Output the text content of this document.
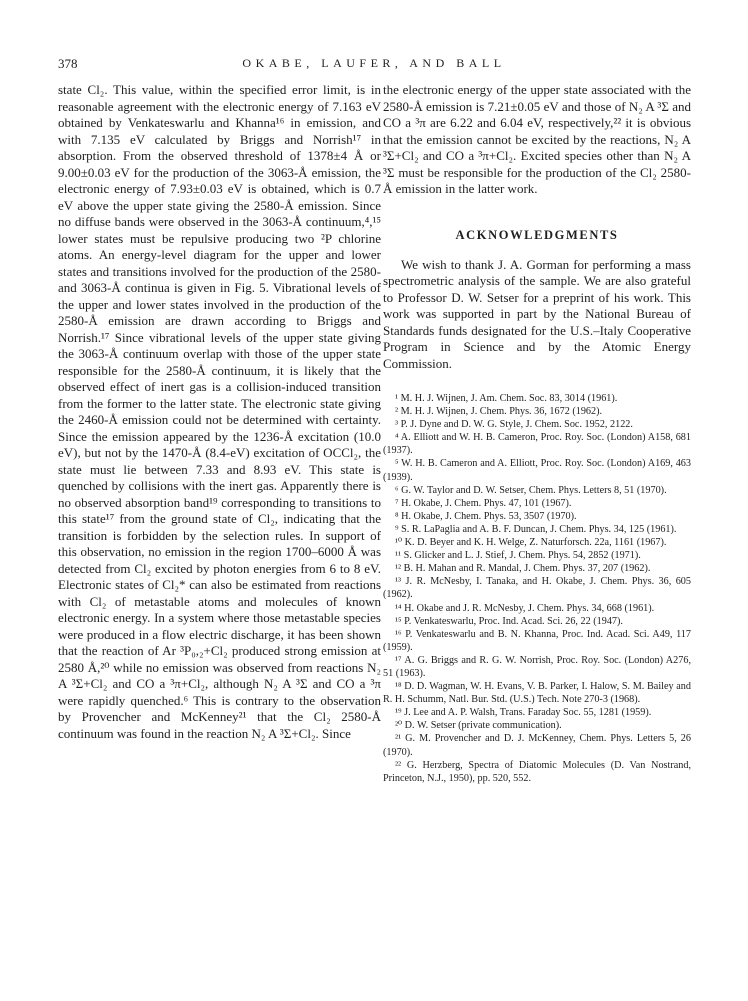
378	OKABE, LAUFER, AND BALL

state Cl₂. This value, within the specified error limit, is in reasonable agreement with the electronic energy of 7.163 eV obtained by Venkateswarlu and Khanna¹⁶ in emission, and with 7.135 eV calculated by Briggs and Norrish¹⁷ in absorption. From the observed threshold of 1378±4 Å or 9.00±0.03 eV for the production of the 3063-Å emission, the electronic energy of 7.93±0.03 eV is obtained, which is 0.7 eV above the upper state giving the 2580-Å emission. Since no diffuse bands were observed in the 3063-Å continuum,⁴,¹⁵ lower states must be repulsive producing two ²P chlorine atoms. An energy-level diagram for the upper and lower states and transitions involved for the production of the 2580- and 3063-Å continua is given in Fig. 5. Vibrational levels of the upper and lower states involved in the production of the 2580-Å emission are drawn according to Briggs and Norrish.¹⁷ Since vibrational levels of the upper state giving the 3063-Å continuum overlap with those of the upper state responsible for the 2580-Å continuum, it is likely that the observed effect of inert gas is a collision-induced transition from the former to the latter state. The electronic state giving the 2460-Å emission could not be determined with certainty. Since the emission appeared by the 1236-Å excitation (10.0 eV), but not by the 1470-Å (8.4-eV) excitation of OCCl₂, the state must lie between 7.33 and 8.93 eV. This state is quenched by collisions with the inert gas. Apparently there is no observed absorption band¹⁹ corresponding to transitions to this state¹⁷ from the ground state of Cl₂, indicating that the transition is forbidden by the selection rules. In support of this observation, no emission in the region 1700–6000 Å was detected from Cl₂ excited by photon energies from 6 to 8 eV. Electronic states of Cl₂* can also be estimated from reactions with Cl₂ of metastable atoms and molecules of known electronic energy. In a system where those metastable species were produced in a flow electric discharge, it has been shown that the reaction of Ar ³P₀,₂+Cl₂ produced strong emission at 2580 Å,²⁰ while no emission was observed from reactions N₂ A ³Σ+Cl₂ and CO a ³π+Cl₂, although N₂ A ³Σ and CO a ³π were rapidly quenched.⁶ This is contrary to the observation by Provencher and McKenney²¹ that the Cl₂ 2580-Å continuum was found in the reaction N₂ A ³Σ+Cl₂. Since

the electronic energy of the upper state associated with the 2580-Å emission is 7.21±0.05 eV and those of N₂ A ³Σ and CO a ³π are 6.22 and 6.04 eV, respectively,²² it is obvious that the emission cannot be excited by the reactions, N₂ A ³Σ+Cl₂ and CO a ³π+Cl₂. Excited species other than N₂ A ³Σ must be responsible for the production of the Cl₂ 2580-Å emission in the latter work.

ACKNOWLEDGMENTS

We wish to thank J. A. Gorman for performing a mass spectrometric analysis of the sample. We are also grateful to Professor D. W. Setser for a preprint of his work. This work was supported in part by the National Bureau of Standards funds designated for the U.S.–Italy Cooperative Program in Science and by the Atomic Energy Commission.

¹ M. H. J. Wijnen, J. Am. Chem. Soc. 83, 3014 (1961).
² M. H. J. Wijnen, J. Chem. Phys. 36, 1672 (1962).
³ P. J. Dyne and D. W. G. Style, J. Chem. Soc. 1952, 2122.
⁴ A. Elliott and W. H. B. Cameron, Proc. Roy. Soc. (London) A158, 681 (1937).
⁵ W. H. B. Cameron and A. Elliott, Proc. Roy. Soc. (London) A169, 463 (1939).
⁶ G. W. Taylor and D. W. Setser, Chem. Phys. Letters 8, 51 (1970).
⁷ H. Okabe, J. Chem. Phys. 47, 101 (1967).
⁸ H. Okabe, J. Chem. Phys. 53, 3507 (1970).
⁹ S. R. LaPaglia and A. B. F. Duncan, J. Chem. Phys. 34, 125 (1961).
¹⁰ K. D. Beyer and K. H. Welge, Z. Naturforsch. 22a, 1161 (1967).
¹¹ S. Glicker and L. J. Stief, J. Chem. Phys. 54, 2852 (1971).
¹² B. H. Mahan and R. Mandal, J. Chem. Phys. 37, 207 (1962).
¹³ J. R. McNesby, I. Tanaka, and H. Okabe, J. Chem. Phys. 36, 605 (1962).
¹⁴ H. Okabe and J. R. McNesby, J. Chem. Phys. 34, 668 (1961).
¹⁵ P. Venkateswarlu, Proc. Ind. Acad. Sci. 26, 22 (1947).
¹⁶ P. Venkateswarlu and B. N. Khanna, Proc. Ind. Acad. Sci. A49, 117 (1959).
¹⁷ A. G. Briggs and R. G. W. Norrish, Proc. Roy. Soc. (London) A276, 51 (1963).
¹⁸ D. D. Wagman, W. H. Evans, V. B. Parker, I. Halow, S. M. Bailey and R. H. Schumm, Natl. Bur. Std. (U.S.) Tech. Note 270-3 (1968).
¹⁹ J. Lee and A. P. Walsh, Trans. Faraday Soc. 55, 1281 (1959).
²⁰ D. W. Setser (private communication).
²¹ G. M. Provencher and D. J. McKenney, Chem. Phys. Letters 5, 26 (1970).
²² G. Herzberg, Spectra of Diatomic Molecules (D. Van Nostrand, Princeton, N.J., 1950), pp. 520, 552.
